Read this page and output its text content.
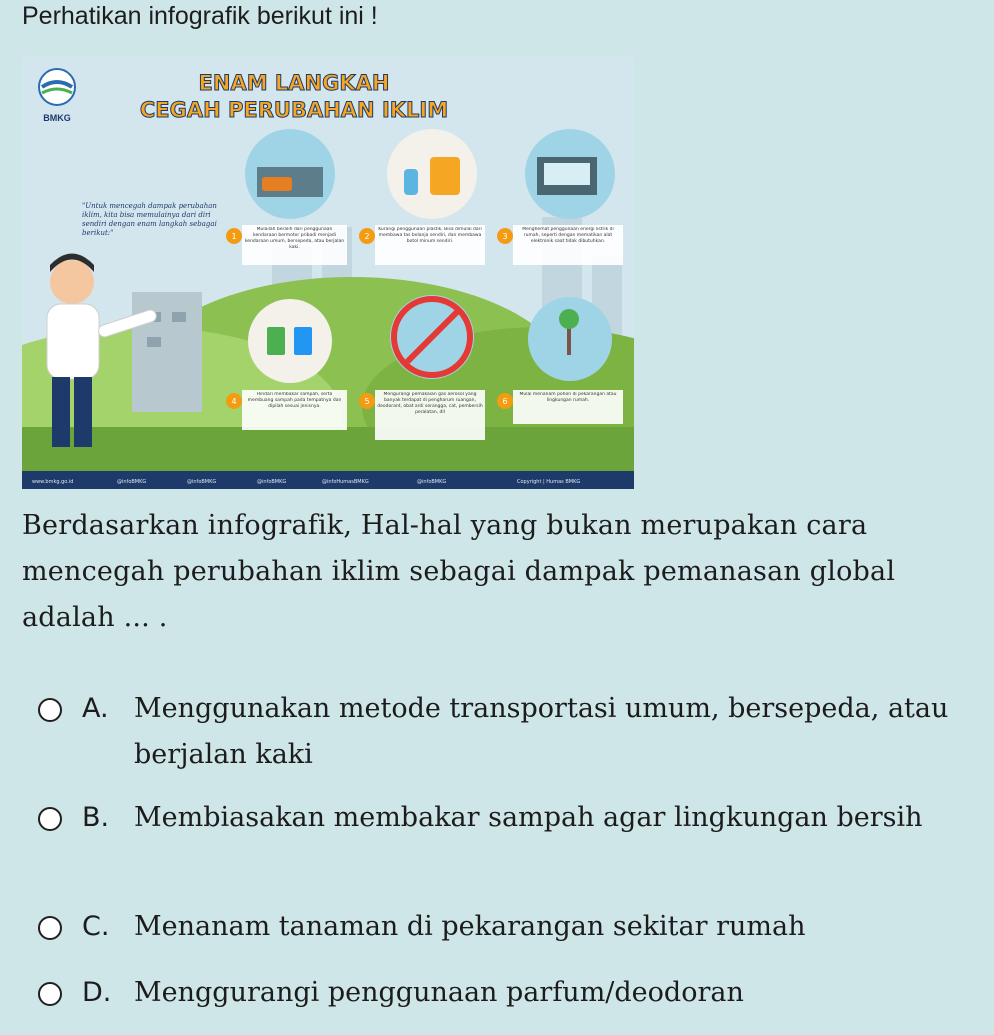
Perhatikan infografik berikut ini !
BMKG
ENAM LANGKAH
CEGAH PERUBAHAN IKLIM
"Untuk mencegah dampak perubahan iklim, kita bisa memulainya dari diri sendiri dengan enam langkah sebagai berikut:"	1	2	3
Mulailah beralih dari penggunaan kendaraan bermotor pribadi menjadi kendaraan umum, bersepeda, atau berjalan kaki.
Kurangi penggunaan plastik. Bisa dimulai dari membawa tas belanja sendiri, dan membawa botol minum sendiri.
Menghemat penggunaan energi listrik di rumah, seperti dengan mematikan alat elektronik saat tidak dibutuhkan.
4	5	6
Hindari membakar sampah, serta membuang sampah pada tempatnya dan dipilah sesuai jenisnya.
Mengurangi pemakaian gas aerosol yang banyak terdapat di pengharum ruangan, deodorant, obat anti serangga, cat, pembersih peralatan, dll
Mulai menanam pohon di pekarangan atau lingkungan rumah.
www.bmkg.go.id	@infoBMKG	@infoBMKG	@infoBMKG	@infoHumasBMKG	@infoBMKG	Copyright | Humas BMKG
Berdasarkan infografik, Hal-hal yang bukan merupakan cara mencegah perubahan iklim sebagai dampak pemanasan global adalah ... .
A. Menggunakan metode transportasi umum, bersepeda, atau berjalan kaki
B. Membiasakan membakar sampah agar lingkungan bersih
C. Menanam tanaman di pekarangan sekitar rumah
D. Menggurangi penggunaan parfum/deodoran
